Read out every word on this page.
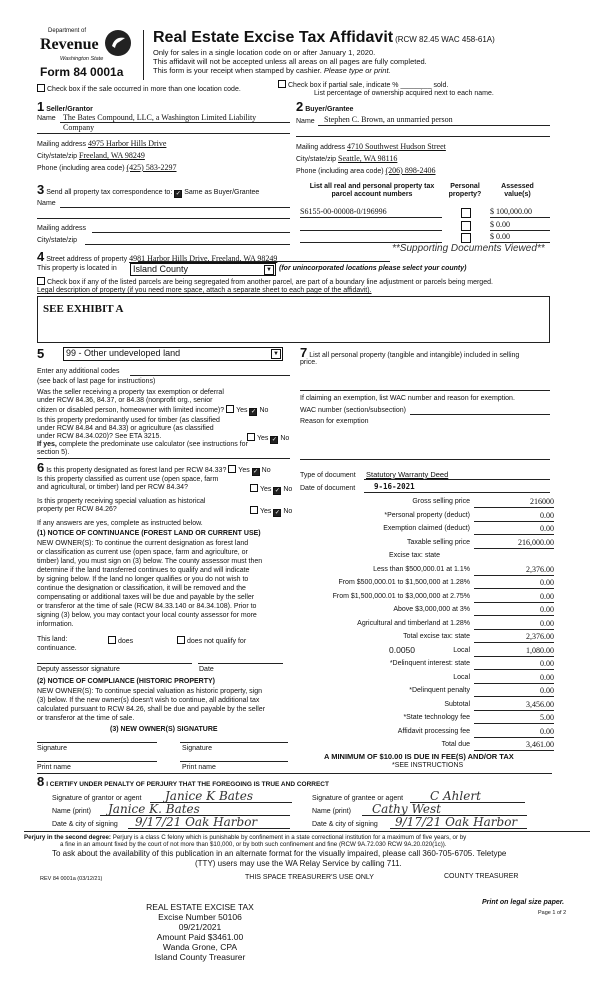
Department of
Revenue
Washington State
Form 84 0001a
Real Estate Excise Tax Affidavit (RCW 82.45 WAC 458-61A)
Only for sales in a single location code on or after January 1, 2020.
This affidavit will not be accepted unless all areas on all pages are fully completed.
This form is your receipt when stamped by cashier. Please type or print.
Check box if the sale occurred in more than one location code.
Check box if partial sale, indicate % ________ sold.
List percentage of ownership acquired next to each name.
1 Seller/Grantor
Name The Bates Compound, LLC, a Washington Limited Liability
Company
Mailing address 4975 Harbor Hills Drive
City/state/zip Freeland, WA 98249
Phone (including area code) (425) 583-2297
2 Buyer/Grantee
Name Stephen C. Brown, an unmarried person
Mailing address 4710 Southwest Hudson Street
City/state/zip Seattle, WA 98116
Phone (including area code) (206) 898-2406
3 Send all property tax correspondence to: ✓ Same as Buyer/Grantee
Name
Mailing address
City/state/zip
List all real and personal property tax
parcel account numbers
Personal
property?
Assessed
value(s)
**Supporting Documents Viewed**
4 Street address of property 4981 Harbor Hills Drive, Freeland, WA 98249
This property is located in	Island County	▼ (for unincorporated locations please select your county)
Check box if any of the listed parcels are being segregated from another parcel, are part of a boundary line adjustment or parcels being merged.
Legal description of property (if you need more space, attach a separate sheet to each page of the affidavit).
SEE EXHIBIT A
5	99 - Other undeveloped land	▼
Enter any additional codes
(see back of last page for instructions)
Was the seller receiving a property tax exemption or deferral
under RCW 84.36, 84.37, or 84.38 (nonprofit org., senior
citizen or disabled person, homeowner with limited income)? Yes ✓ No
Is this property predominantly used for timber (as classified
under RCW 84.84 and 84.33) or agriculture (as classified
under RCW 84.34.020)? See ETA 3215.	Yes ✓ No
If yes, complete the predominate use calculator (see instructions for
section 5).
6 Is this property designated as forest land per RCW 84.33? Yes ✓ No
Is this property classified as current use (open space, farm
and agricultural, or timber) land per RCW 84.34?	Yes ✓ No
Is this property receiving special valuation as historical
property per RCW 84.26?	Yes ✓ No
If any answers are yes, complete as instructed below.
(1) NOTICE OF CONTINUANCE (FOREST LAND OR CURRENT USE)
NEW OWNER(S): To continue the current designation as forest land
or classification as current use (open space, farm and agriculture, or
timber) land, you must sign on (3) below. The county assessor must then
determine if the land transferred continues to qualify and will indicate
by signing below. If the land no longer qualifies or you do not wish to
continue the designation or classification, it will be removed and the
compensating or additional taxes will be due and payable by the seller
or transferor at the time of sale (RCW 84.33.140 or 84.34.108). Prior to
signing (3) below, you may contact your local county assessor for more
information.
This land:
continuance.
does	does not qualify for
Deputy assessor signature	Date
(2) NOTICE OF COMPLIANCE (HISTORIC PROPERTY)
NEW OWNER(S): To continue special valuation as historic property, sign
(3) below. If the new owner(s) doesn't wish to continue, all additional tax
calculated pursuant to RCW 84.26, shall be due and payable by the seller
or transferor at the time of sale.
(3) NEW OWNER(S) SIGNATURE
Signature	Signature
Print name	Print name
7 List all personal property (tangible and intangible) included in selling
price.
If claiming an exemption, list WAC number and reason for exemption.
WAC number (section/subsection)
Reason for exemption
Type of document Statutory Warranty Deed
Date of document 9-16-2021
0.0050
A MINIMUM OF $10.00 IS DUE IN FEE(S) AND/OR TAX
*SEE INSTRUCTIONS
8 I CERTIFY UNDER PENALTY OF PERJURY THAT THE FOREGOING IS TRUE AND CORRECT
Signature of grantor or agent Janice K Bates
Name (print) Janice K. Bates
Date & city of signing 9/17/21 Oak Harbor
Signature of grantee or agent C Ahlert
Name (print) Cathy West
Date & city of signing 9/17/21 Oak Harbor
Perjury in the second degree: Perjury is a class C felony which is punishable by confinement in a state correctional institution for a maximum of five years, or by
a fine in an amount fixed by the court of not more than $10,000, or by both such confinement and fine (RCW 9A.72.030 RCW 9A.20.020(1c)).
To ask about the availability of this publication in an alternate format for the visually impaired, please call 360-705-6705. Teletype
(TTY) users may use the WA Relay Service by calling 711.
REV 84 0001a (03/12/21)	THIS SPACE TREASURER'S USE ONLY	COUNTY TREASURER
Print on legal size paper.
Page 1 of 2
REAL ESTATE EXCISE TAX
Excise Number 50106
09/21/2021
Amount Paid $3461.00
Wanda Grone, CPA
Island County Treasurer
S6155-00-00008-0/196996	$ 100,000.00
$ 0.00
$ 0.00
Gross selling price	216000
*Personal property (deduct)	0.00
Exemption claimed (deduct)	0.00
Taxable selling price	216,000.00
Excise tax: state
Less than $500,000.01 at 1.1%	2,376.00
From $500,000.01 to $1,500,000 at 1.28%	0.00
From $1,500,000.01 to $3,000,000 at 2.75%	0.00
Above $3,000,000 at 3%	0.00
Agricultural and timberland at 1.28%	0.00
Total excise tax: state	2,376.00
Local	1,080.00
*Delinquent interest: state	0.00
Local	0.00
*Delinquent penalty	0.00
Subtotal	3,456.00
*State technology fee	5.00
Affidavit processing fee	0.00
Total due	3,461.00
